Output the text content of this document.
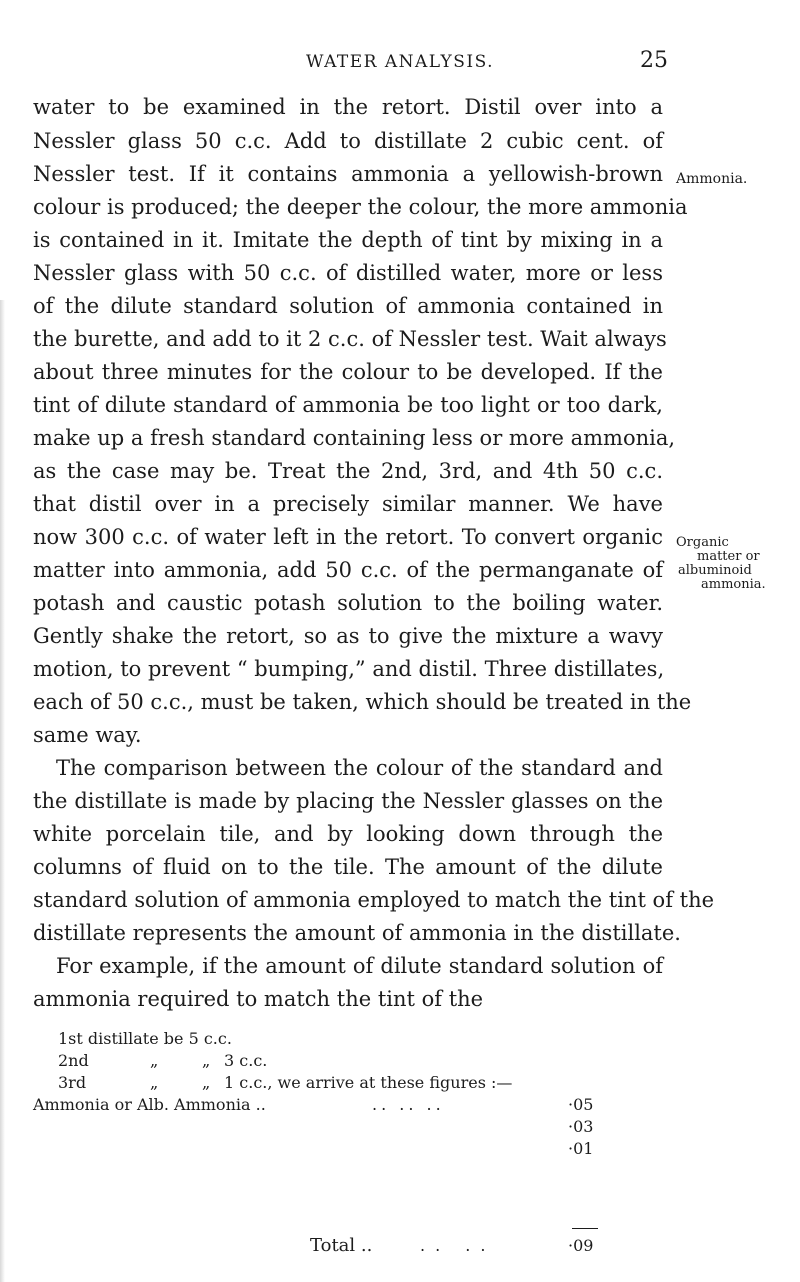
WATER ANALYSIS.	25
water to be examined in the retort. Distil over into a
Nessler glass 50 c.c. Add to distillate 2 cubic cent. of
Nessler test. If it contains ammonia a yellowish-brown
colour is produced; the deeper the colour, the more ammonia
is contained in it. Imitate the depth of tint by mixing in a
Nessler glass with 50 c.c. of distilled water, more or less
of the dilute standard solution of ammonia contained in
the burette, and add to it 2 c.c. of Nessler test. Wait always
about three minutes for the colour to be developed. If the
tint of dilute standard of ammonia be too light or too dark,
make up a fresh standard containing less or more ammonia,
as the case may be. Treat the 2nd, 3rd, and 4th 50 c.c.
that distil over in a precisely similar manner. We have
now 300 c.c. of water left in the retort. To convert organic
matter into ammonia, add 50 c.c. of the permanganate of
potash and caustic potash solution to the boiling water.
Gently shake the retort, so as to give the mixture a wavy
motion, to prevent “ bumping,” and distil. Three distillates,
each of 50 c.c., must be taken, which should be treated in the
same way.
The comparison between the colour of the standard and
the distillate is made by placing the Nessler glasses on the
white porcelain tile, and by looking down through the
columns of fluid on to the tile. The amount of the dilute
standard solution of ammonia employed to match the tint of the
distillate represents the amount of ammonia in the distillate.
For example, if the amount of dilute standard solution of
ammonia required to match the tint of the
Ammonia.
Organic
matter or
albuminoid
ammonia.
1st distillate be 5 c.c.
2nd	„	„ 3 c.c.
3rd	„	„ 1 c.c., we arrive at these figures :—
Ammonia or Alb. Ammonia ..	.. .. ..	·05
·03
·01
Total ..	.. ..	·09
